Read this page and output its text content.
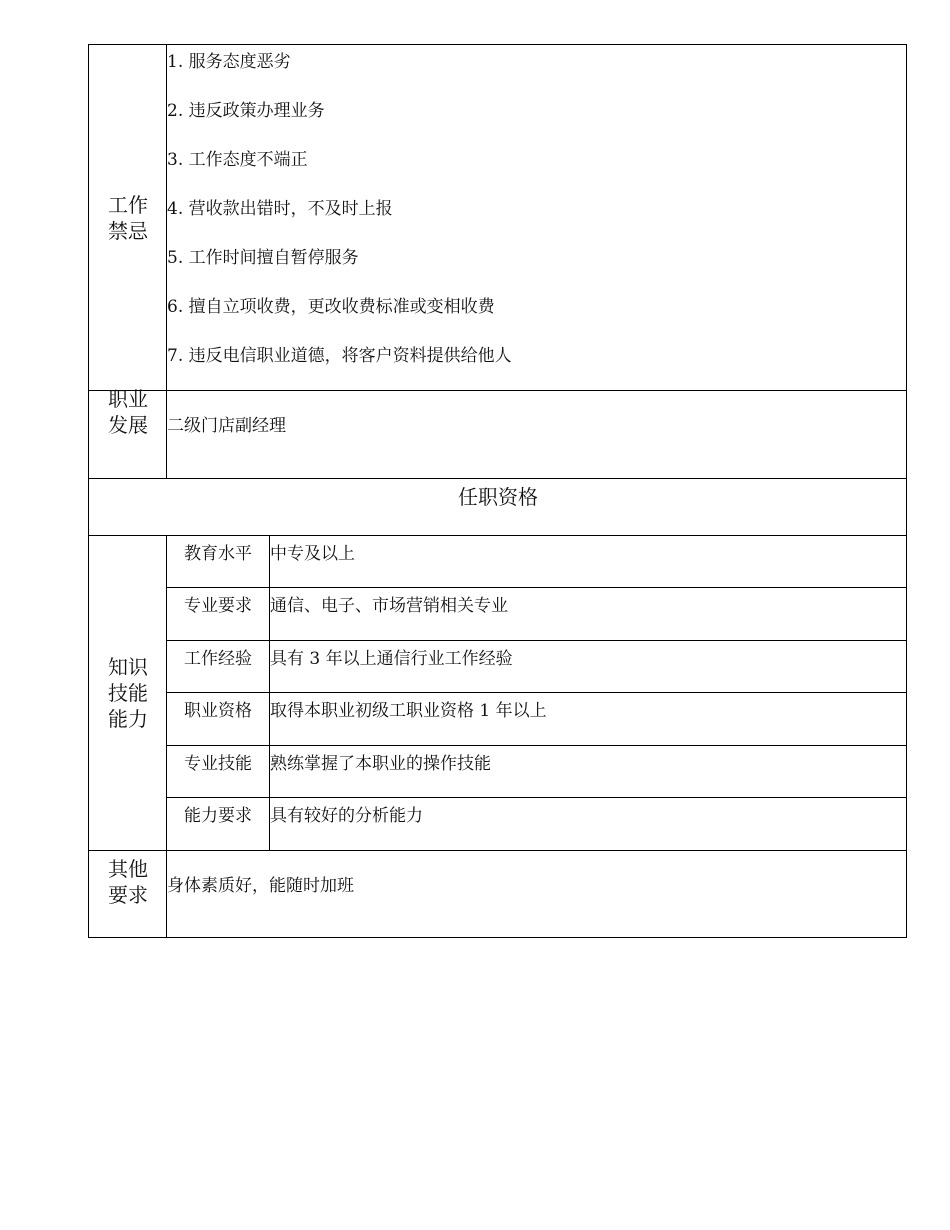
工作禁忌
1. 服务态度恶劣
2. 违反政策办理业务
3. 工作态度不端正
4. 营收款出错时，不及时上报
5. 工作时间擅自暂停服务
6. 擅自立项收费，更改收费标准或变相收费
7. 违反电信职业道德，将客户资料提供给他人
职业发展 二级门店副经理
任职资格
知识技能能力
教育水平	中专及以上
专业要求	通信、电子、市场营销相关专业
工作经验	具有 3 年以上通信行业工作经验
职业资格	取得本职业初级工职业资格 1 年以上
专业技能	熟练掌握了本职业的操作技能
能力要求	具有较好的分析能力
其他要求 身体素质好，能随时加班
